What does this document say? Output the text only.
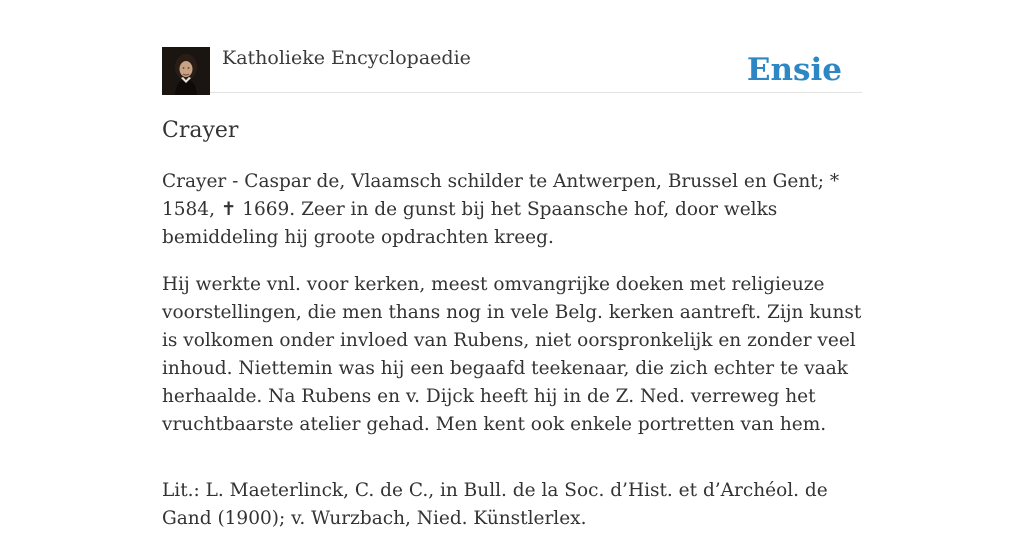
Katholieke Encyclopaedie	Ensie
Crayer

Crayer - Caspar de, Vlaamsch schilder te Antwerpen, Brussel en Gent; * 1584, ✝ 1669. Zeer in de gunst bij het Spaansche hof, door welks bemiddeling hij groote opdrachten kreeg.

Hij werkte vnl. voor kerken, meest omvangrijke doeken met religieuze voorstellingen, die men thans nog in vele Belg. kerken aantreft. Zijn kunst is volkomen onder invloed van Rubens, niet oorspronkelijk en zonder veel inhoud. Niettemin was hij een begaafd teekenaar, die zich echter te vaak herhaalde. Na Rubens en v. Dijck heeft hij in de Z. Ned. verreweg het vruchtbaarste atelier gehad. Men kent ook enkele portretten van hem.

Lit.: L. Maeterlinck, C. de C., in Bull. de la Soc. d’Hist. et d’Archéol. de Gand (1900); v. Wurzbach, Nied. Künstlerlex.
